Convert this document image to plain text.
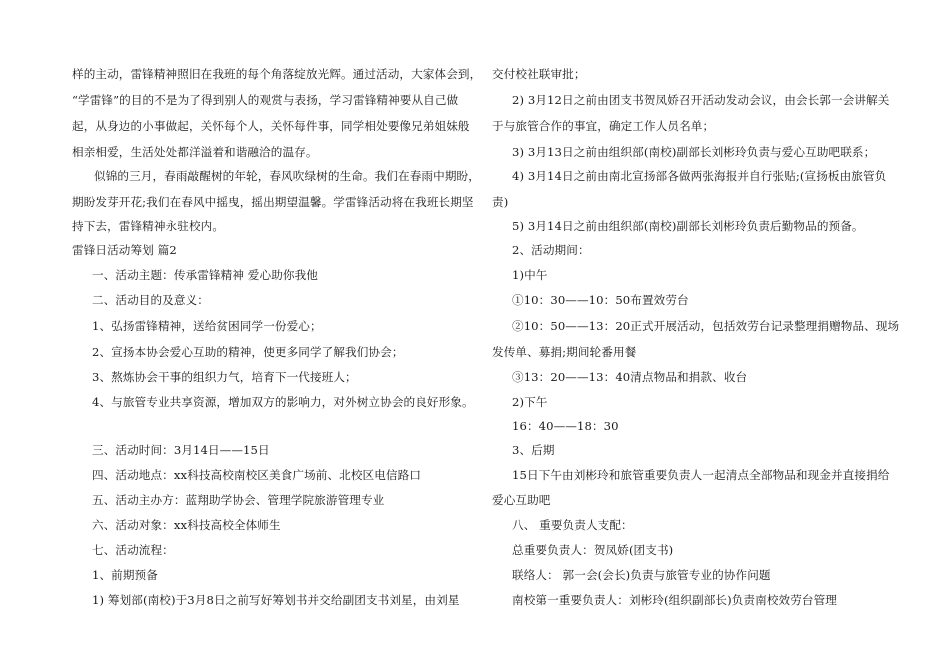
样的主动，雷锋精神照旧在我班的每个角落绽放光辉。通过活动，大家体会到，
“学雷锋”的目的不是为了得到别人的观赏与表扬，学习雷锋精神要从自己做
起，从身边的小事做起，关怀每个人，关怀每件事，同学相处要像兄弟姐妹般
相亲相爱，生活处处都洋溢着和谐融洽的温存。
似锦的三月，春雨敲醒树的年轮，春风吹绿树的生命。我们在春雨中期盼，
期盼发芽开花;我们在春风中摇曳，摇出期望温馨。学雷锋活动将在我班长期坚
持下去，雷锋精神永驻校内。
雷锋日活动筹划 篇2
一、活动主题：传承雷锋精神 爱心助你我他
二、活动目的及意义：
1、弘扬雷锋精神，送给贫困同学一份爱心；
2、宣扬本协会爱心互助的精神，使更多同学了解我们协会；
3、熬炼协会干事的组织力气，培育下一代接班人；
4、与旅管专业共享资源，增加双方的影响力，对外树立协会的良好形象。
三、活动时间：3月14日——15日
四、活动地点：xx科技高校南校区美食广场前、北校区电信路口
五、活动主办方：蓝翔助学协会、管理学院旅游管理专业
六、活动对象：xx科技高校全体师生
七、活动流程：
1、前期预备
1) 筹划部(南校)于3月8日之前写好筹划书并交给副团支书刘星，由刘星
交付校社联审批；
2) 3月12日之前由团支书贺凤娇召开活动发动会议，由会长郭一会讲解关
于与旅管合作的事宜，确定工作人员名单；
3) 3月13日之前由组织部(南校)副部长刘彬玲负责与爱心互助吧联系；
4) 3月14日之前由南北宣扬部各做两张海报并自行张贴;(宣扬板由旅管负
责)
5) 3月14日之前由组织部(南校)副部长刘彬玲负责后勤物品的预备。
2、活动期间：
1)中午
①10：30——10：50布置效劳台
②10：50——13：20正式开展活动，包括效劳台记录整理捐赠物品、现场
发传单、募捐;期间轮番用餐
③13：20——13：40清点物品和捐款、收台
2)下午
16：40——18：30
3、后期
15日下午由刘彬玲和旅管重要负责人一起清点全部物品和现金并直接捐给
爱心互助吧
八、 重要负责人支配：
总重要负责人：贺凤娇(团支书)
联络人： 郭一会(会长)负责与旅管专业的协作问题
南校第一重要负责人：刘彬玲(组织副部长)负责南校效劳台管理
